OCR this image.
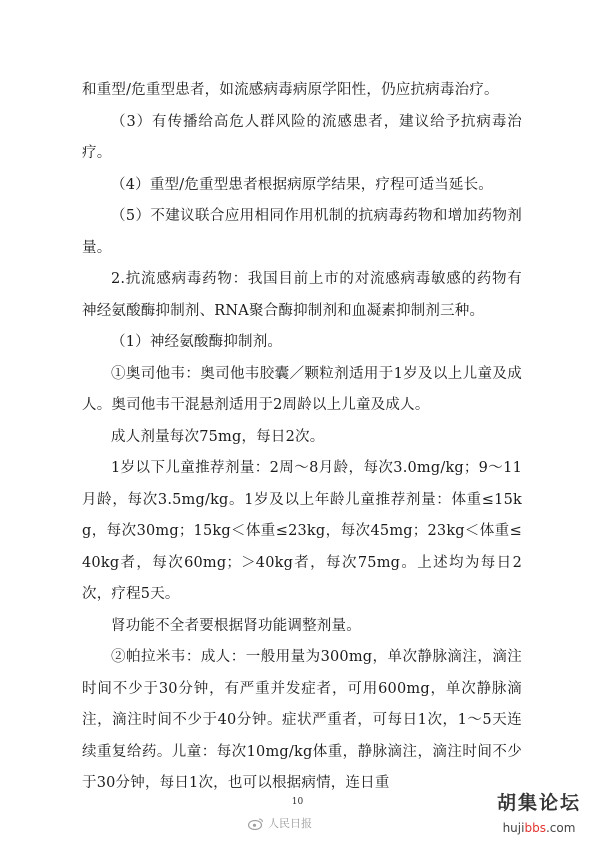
和重型/危重型患者，如流感病毒病原学阳性，仍应抗病毒治疗。

（3）有传播给高危人群风险的流感患者，建议给予抗病毒治疗。

（4）重型/危重型患者根据病原学结果，疗程可适当延长。

（5）不建议联合应用相同作用机制的抗病毒药物和增加药物剂量。

2.抗流感病毒药物：我国目前上市的对流感病毒敏感的药物有神经氨酸酶抑制剂、RNA聚合酶抑制剂和血凝素抑制剂三种。

（1）神经氨酸酶抑制剂。

①奥司他韦：奥司他韦胶囊／颗粒剂适用于1岁及以上儿童及成人。奥司他韦干混悬剂适用于2周龄以上儿童及成人。

成人剂量每次75mg，每日2次。

1岁以下儿童推荐剂量：2周～8月龄，每次3.0mg/kg；9～11月龄，每次3.5mg/kg。1岁及以上年龄儿童推荐剂量：体重≤15kg，每次30mg；15kg＜体重≤23kg，每次45mg；23kg＜体重≤40kg者，每次60mg；＞40kg者，每次75mg。上述均为每日2次，疗程5天。

肾功能不全者要根据肾功能调整剂量。

②帕拉米韦：成人：一般用量为300mg，单次静脉滴注，滴注时间不少于30分钟，有严重并发症者，可用600mg，单次静脉滴注，滴注时间不少于40分钟。症状严重者，可每日1次，1～5天连续重复给药。儿童：每次10mg/kg体重，静脉滴注，滴注时间不少于30分钟，每日1次，也可以根据病情，连日重

10
人民日报
胡集论坛
hujibbs.com
